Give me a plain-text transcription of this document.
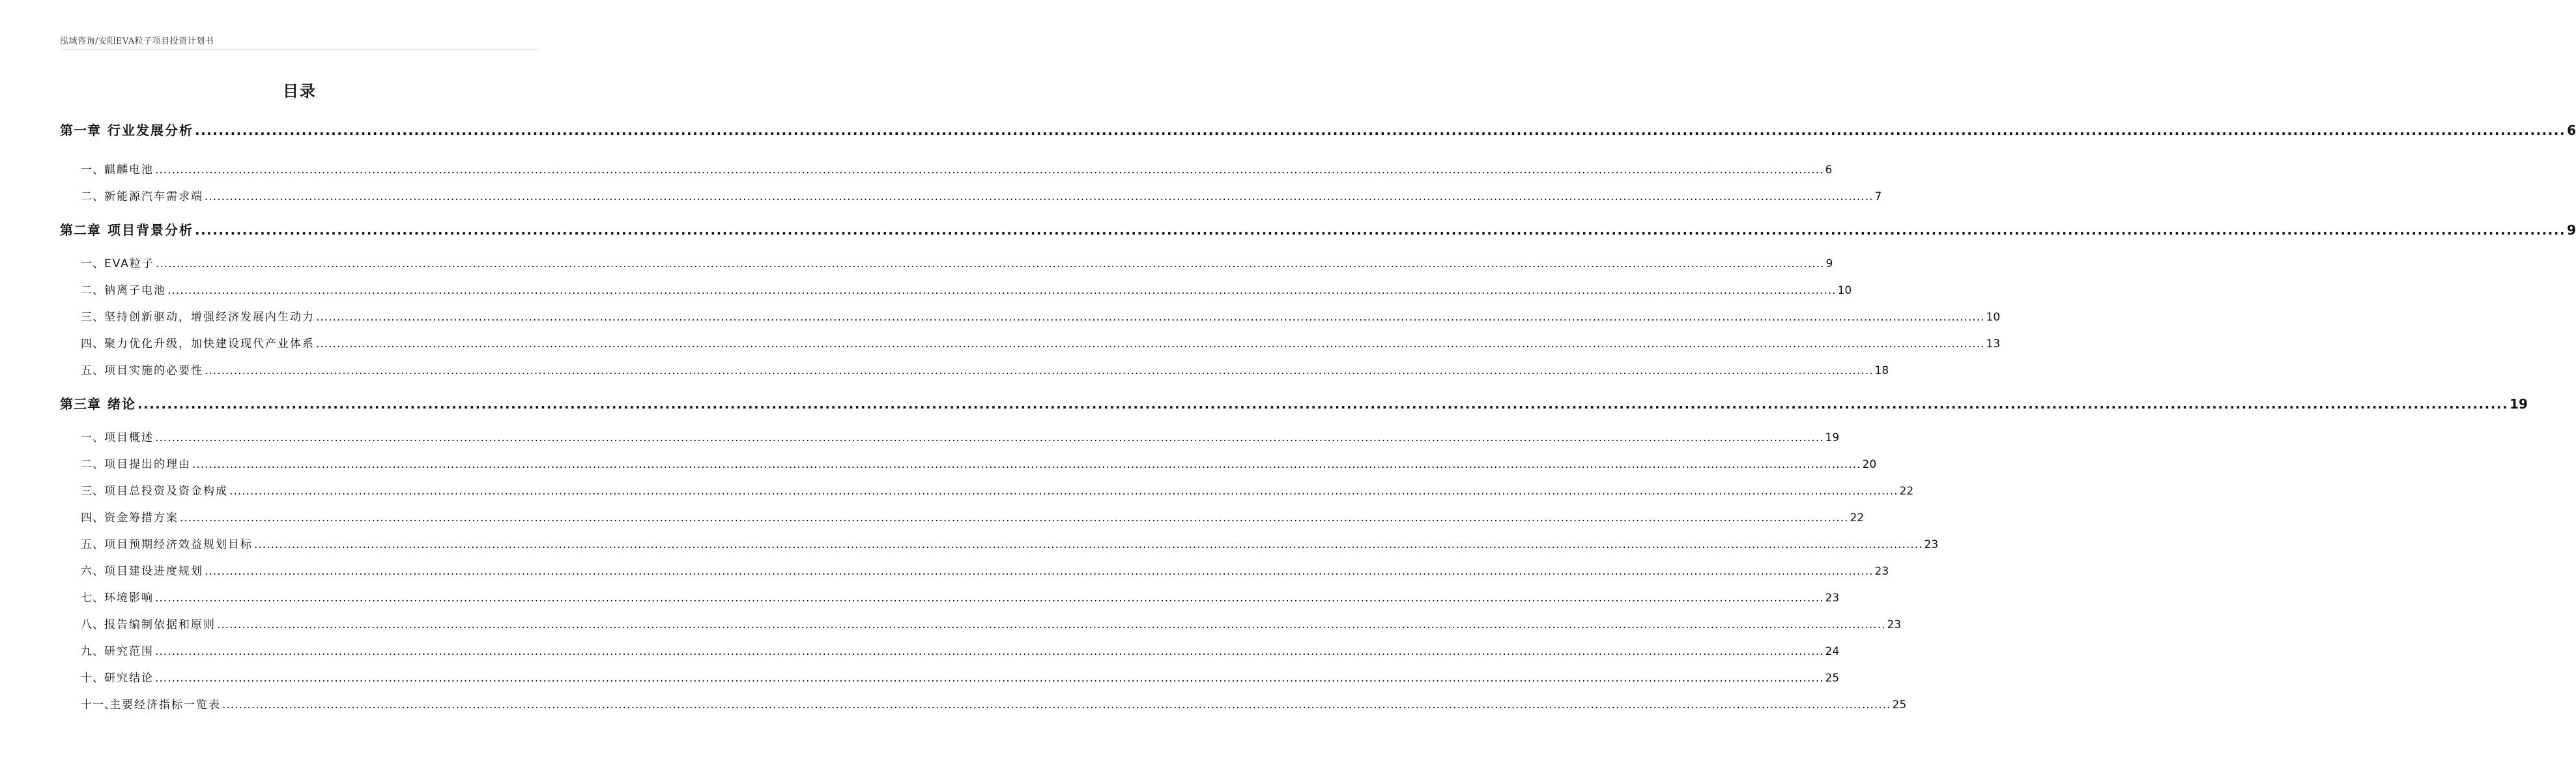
泓域咨询/安阳EVA粒子项目投资计划书
目录
第一章 行业发展分析 ................................................................................................................................................................................................................................................................................................................................................................................................................ 6
一、 麒麟电池 ................................................................................................................................................................................................................................................................................................................................................................................................................ 6
二、 新能源汽车需求端 ................................................................................................................................................................................................................................................................................................................................................................................................................ 7
第二章 项目背景分析 ................................................................................................................................................................................................................................................................................................................................................................................................................ 9
一、 EVA粒子 ................................................................................................................................................................................................................................................................................................................................................................................................................ 9
二、 钠离子电池 ................................................................................................................................................................................................................................................................................................................................................................................................................ 10
三、 坚持创新驱动，增强经济发展内生动力 ................................................................................................................................................................................................................................................................................................................................................................................................................ 10
四、 聚力优化升级，加快建设现代产业体系 ................................................................................................................................................................................................................................................................................................................................................................................................................ 13
五、 项目实施的必要性 ................................................................................................................................................................................................................................................................................................................................................................................................................ 18
第三章 绪论 ................................................................................................................................................................................................................................................................................................................................................................................................................ 19
一、 项目概述 ................................................................................................................................................................................................................................................................................................................................................................................................................ 19
二、 项目提出的理由 ................................................................................................................................................................................................................................................................................................................................................................................................................ 20
三、 项目总投资及资金构成 ................................................................................................................................................................................................................................................................................................................................................................................................................ 22
四、 资金筹措方案 ................................................................................................................................................................................................................................................................................................................................................................................................................ 22
五、 项目预期经济效益规划目标 ................................................................................................................................................................................................................................................................................................................................................................................................................ 23
六、 项目建设进度规划 ................................................................................................................................................................................................................................................................................................................................................................................................................ 23
七、 环境影响 ................................................................................................................................................................................................................................................................................................................................................................................................................ 23
八、 报告编制依据和原则 ................................................................................................................................................................................................................................................................................................................................................................................................................ 23
九、 研究范围 ................................................................................................................................................................................................................................................................................................................................................................................................................ 24
十、 研究结论 ................................................................................................................................................................................................................................................................................................................................................................................................................ 25
十一、
主要经济指标一览表 ................................................................................................................................................................................................................................................................................................................................................................................................................ 25
